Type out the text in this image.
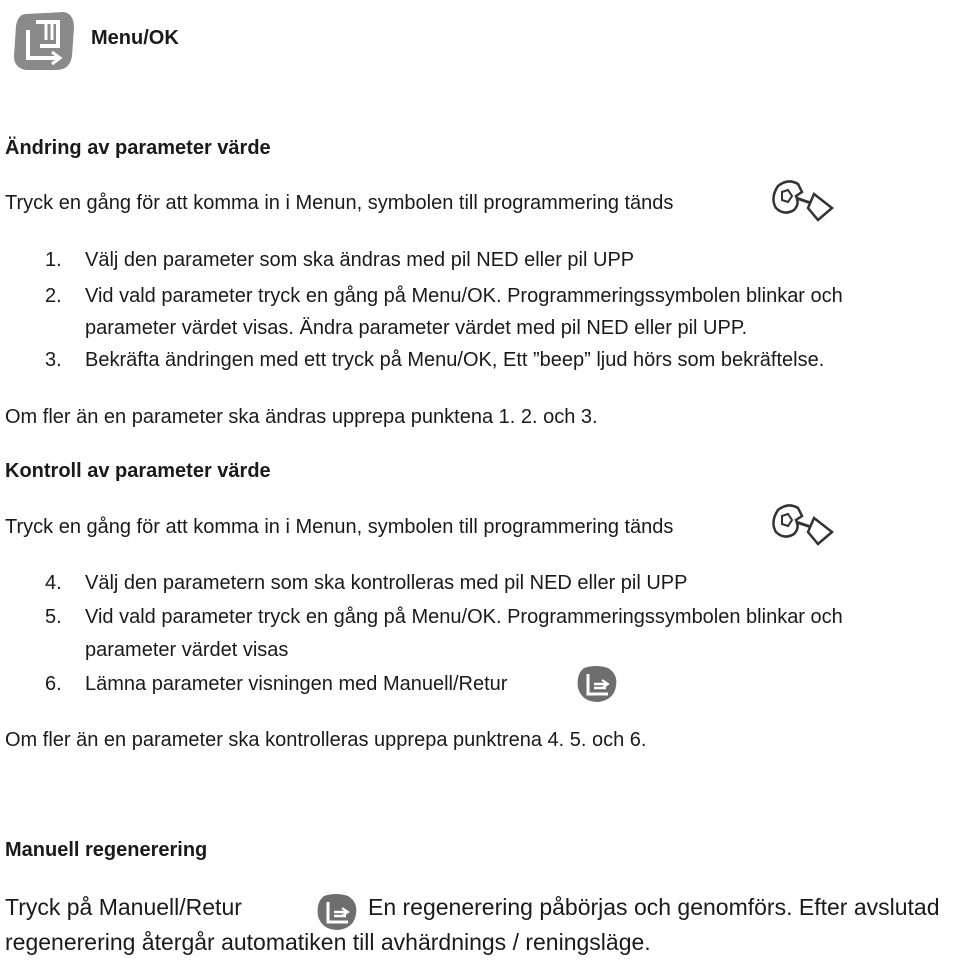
Menu/OK
Ändring av parameter värde
Tryck en gång för att komma in i Menun, symbolen till programmering tänds
1. Välj den parameter som ska ändras med pil NED eller pil UPP
2. Vid vald parameter tryck en gång på Menu/OK. Programmeringssymbolen blinkar och
parameter värdet visas. Ändra parameter värdet med pil NED eller pil UPP.
3. Bekräfta ändringen med ett tryck på Menu/OK, Ett ”beep” ljud hörs som bekräftelse.
Om fler än en parameter ska ändras upprepa punktena 1. 2. och 3.
Kontroll av parameter värde
Tryck en gång för att komma in i Menun, symbolen till programmering tänds
4. Välj den parametern som ska kontrolleras med pil NED eller pil UPP
5. Vid vald parameter tryck en gång på Menu/OK. Programmeringssymbolen blinkar och
parameter värdet visas
6. Lämna parameter visningen med Manuell/Retur
Om fler än en parameter ska kontrolleras upprepa punktrena 4. 5. och 6.
Manuell regenerering
Tryck på Manuell/Retur	En regenerering påbörjas och genomförs. Efter avslutad
regenerering återgår automatiken till avhärdnings / reningsläge.
